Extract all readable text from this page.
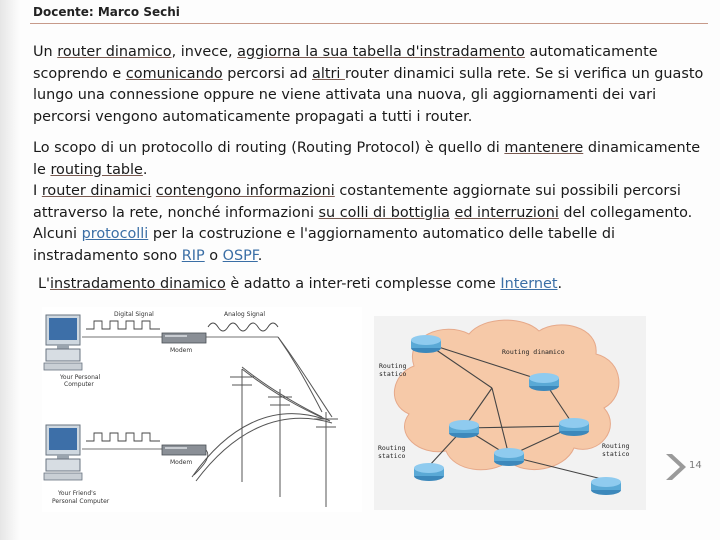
Docente: Marco Sechi

Un router dinamico, invece, aggiorna la sua tabella d'instradamento automaticamente scoprendo e comunicando percorsi ad altri router dinamici sulla rete. Se si verifica un guasto lungo una connessione oppure ne viene attivata una nuova, gli aggiornamenti dei vari percorsi vengono automaticamente propagati a tutti i router.

Lo scopo di un protocollo di routing (Routing Protocol) è quello di mantenere dinamicamente le routing table.

I router dinamici contengono informazioni costantemente aggiornate sui possibili percorsi attraverso la rete, nonché informazioni su colli di bottiglia ed interruzioni del collegamento.

Alcuni protocolli per la costruzione e l'aggiornamento automatico delle tabelle di instradamento sono RIP o OSPF.

L'instradamento dinamico è adatto a inter-reti complesse come Internet.

Your Personal
Computer
Digital Signal
Modem
Analog Signal
Your Friend's
Personal Computer
Modem
Routing dinamico
Routing
statico
Routing
statico
Routing
statico
14
